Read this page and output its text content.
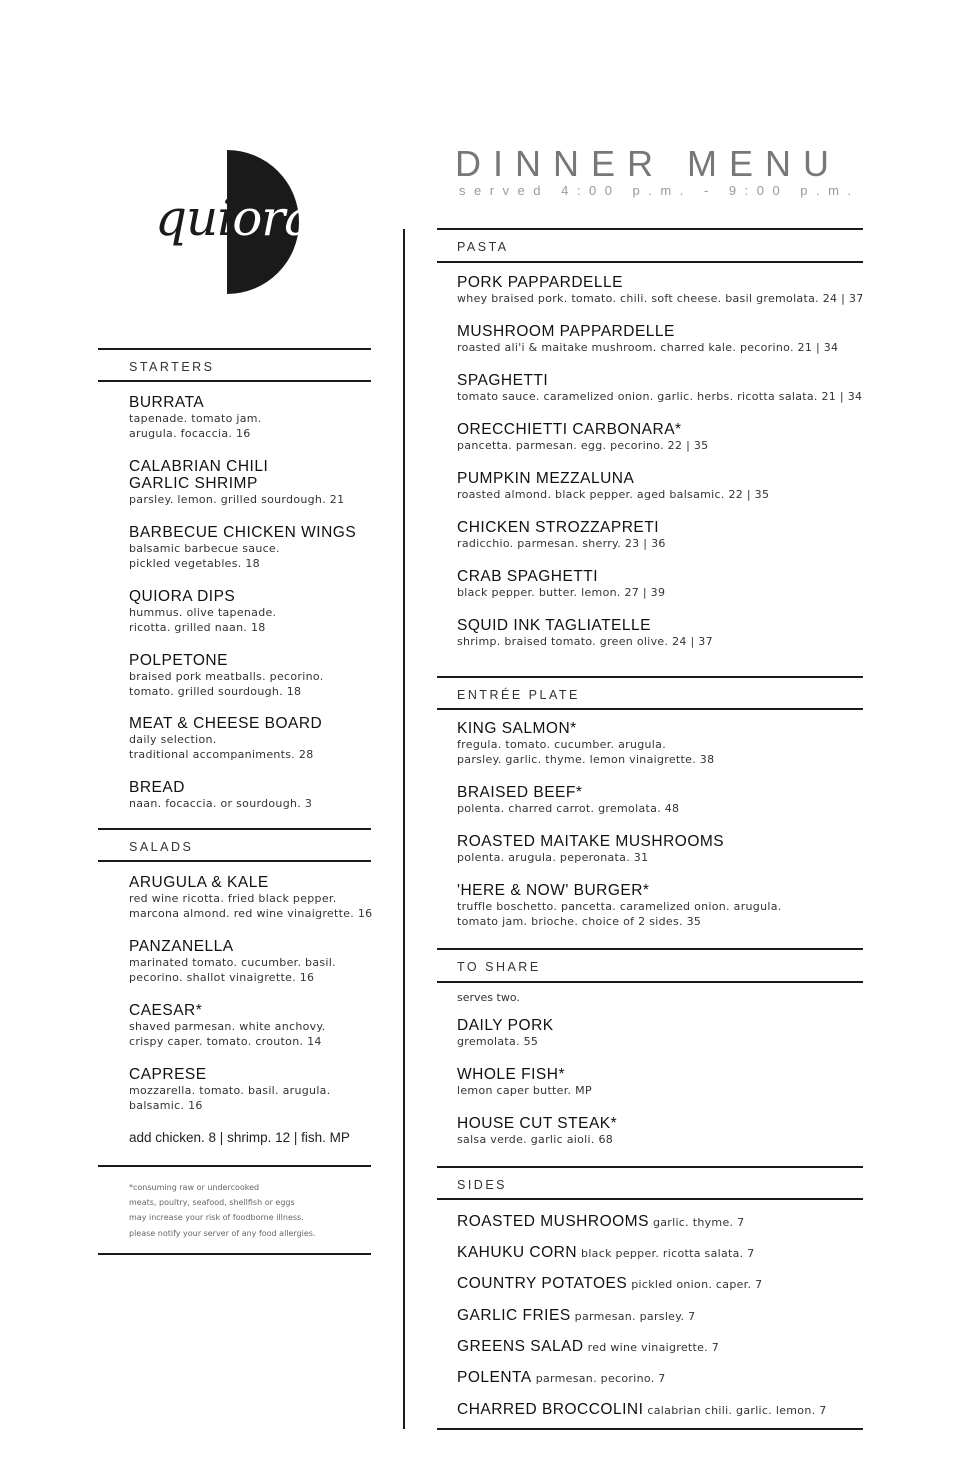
quiora
DINNER MENU
served 4:00 p.m. - 9:00 p.m.
STARTERS
BURRATA
tapenade. tomato jam.
arugula. focaccia. 16
CALABRIAN CHILI
GARLIC SHRIMP
parsley. lemon. grilled sourdough. 21
BARBECUE CHICKEN WINGS
balsamic barbecue sauce.
pickled vegetables. 18
QUIORA DIPS
hummus. olive tapenade.
ricotta. grilled naan. 18
POLPETONE
braised pork meatballs. pecorino.
tomato. grilled sourdough. 18
MEAT & CHEESE BOARD
daily selection.
traditional accompaniments. 28
BREAD
naan. focaccia. or sourdough. 3
SALADS
ARUGULA & KALE
red wine ricotta. fried black pepper.
marcona almond. red wine vinaigrette. 16
PANZANELLA
marinated tomato. cucumber. basil.
pecorino. shallot vinaigrette. 16
CAESAR*
shaved parmesan. white anchovy.
crispy caper. tomato. crouton. 14
CAPRESE
mozzarella. tomato. basil. arugula.
balsamic. 16
add chicken. 8 | shrimp. 12 | fish. MP
*consuming raw or undercooked
meats, poultry, seafood, shellfish or eggs
may increase your risk of foodborne illness.
please notify your server of any food allergies.
PASTA
PORK PAPPARDELLE
whey braised pork. tomato. chili. soft cheese. basil gremolata. 24 | 37
MUSHROOM PAPPARDELLE
roasted ali'i & maitake mushroom. charred kale. pecorino. 21 | 34
SPAGHETTI
tomato sauce. caramelized onion. garlic. herbs. ricotta salata. 21 | 34
ORECCHIETTI CARBONARA*
pancetta. parmesan. egg. pecorino. 22 | 35
PUMPKIN MEZZALUNA
roasted almond. black pepper. aged balsamic. 22 | 35
CHICKEN STROZZAPRETI
radicchio. parmesan. sherry. 23 | 36
CRAB SPAGHETTI
black pepper. butter. lemon. 27 | 39
SQUID INK TAGLIATELLE
shrimp. braised tomato. green olive. 24 | 37
ENTRÉE PLATE
KING SALMON*
fregula. tomato. cucumber. arugula.
parsley. garlic. thyme. lemon vinaigrette. 38
BRAISED BEEF*
polenta. charred carrot. gremolata. 48
ROASTED MAITAKE MUSHROOMS
polenta. arugula. peperonata. 31
'HERE & NOW' BURGER*
truffle boschetto. pancetta. caramelized onion. arugula.
tomato jam. brioche. choice of 2 sides. 35
TO SHARE
serves two.
DAILY PORK
gremolata. 55
WHOLE FISH*
lemon caper butter. MP
HOUSE CUT STEAK*
salsa verde. garlic aioli. 68
SIDES
ROASTED MUSHROOMS garlic. thyme. 7
KAHUKU CORN black pepper. ricotta salata. 7
COUNTRY POTATOES pickled onion. caper. 7
GARLIC FRIES parmesan. parsley. 7
GREENS SALAD red wine vinaigrette. 7
POLENTA parmesan. pecorino. 7
CHARRED BROCCOLINI calabrian chili. garlic. lemon. 7
